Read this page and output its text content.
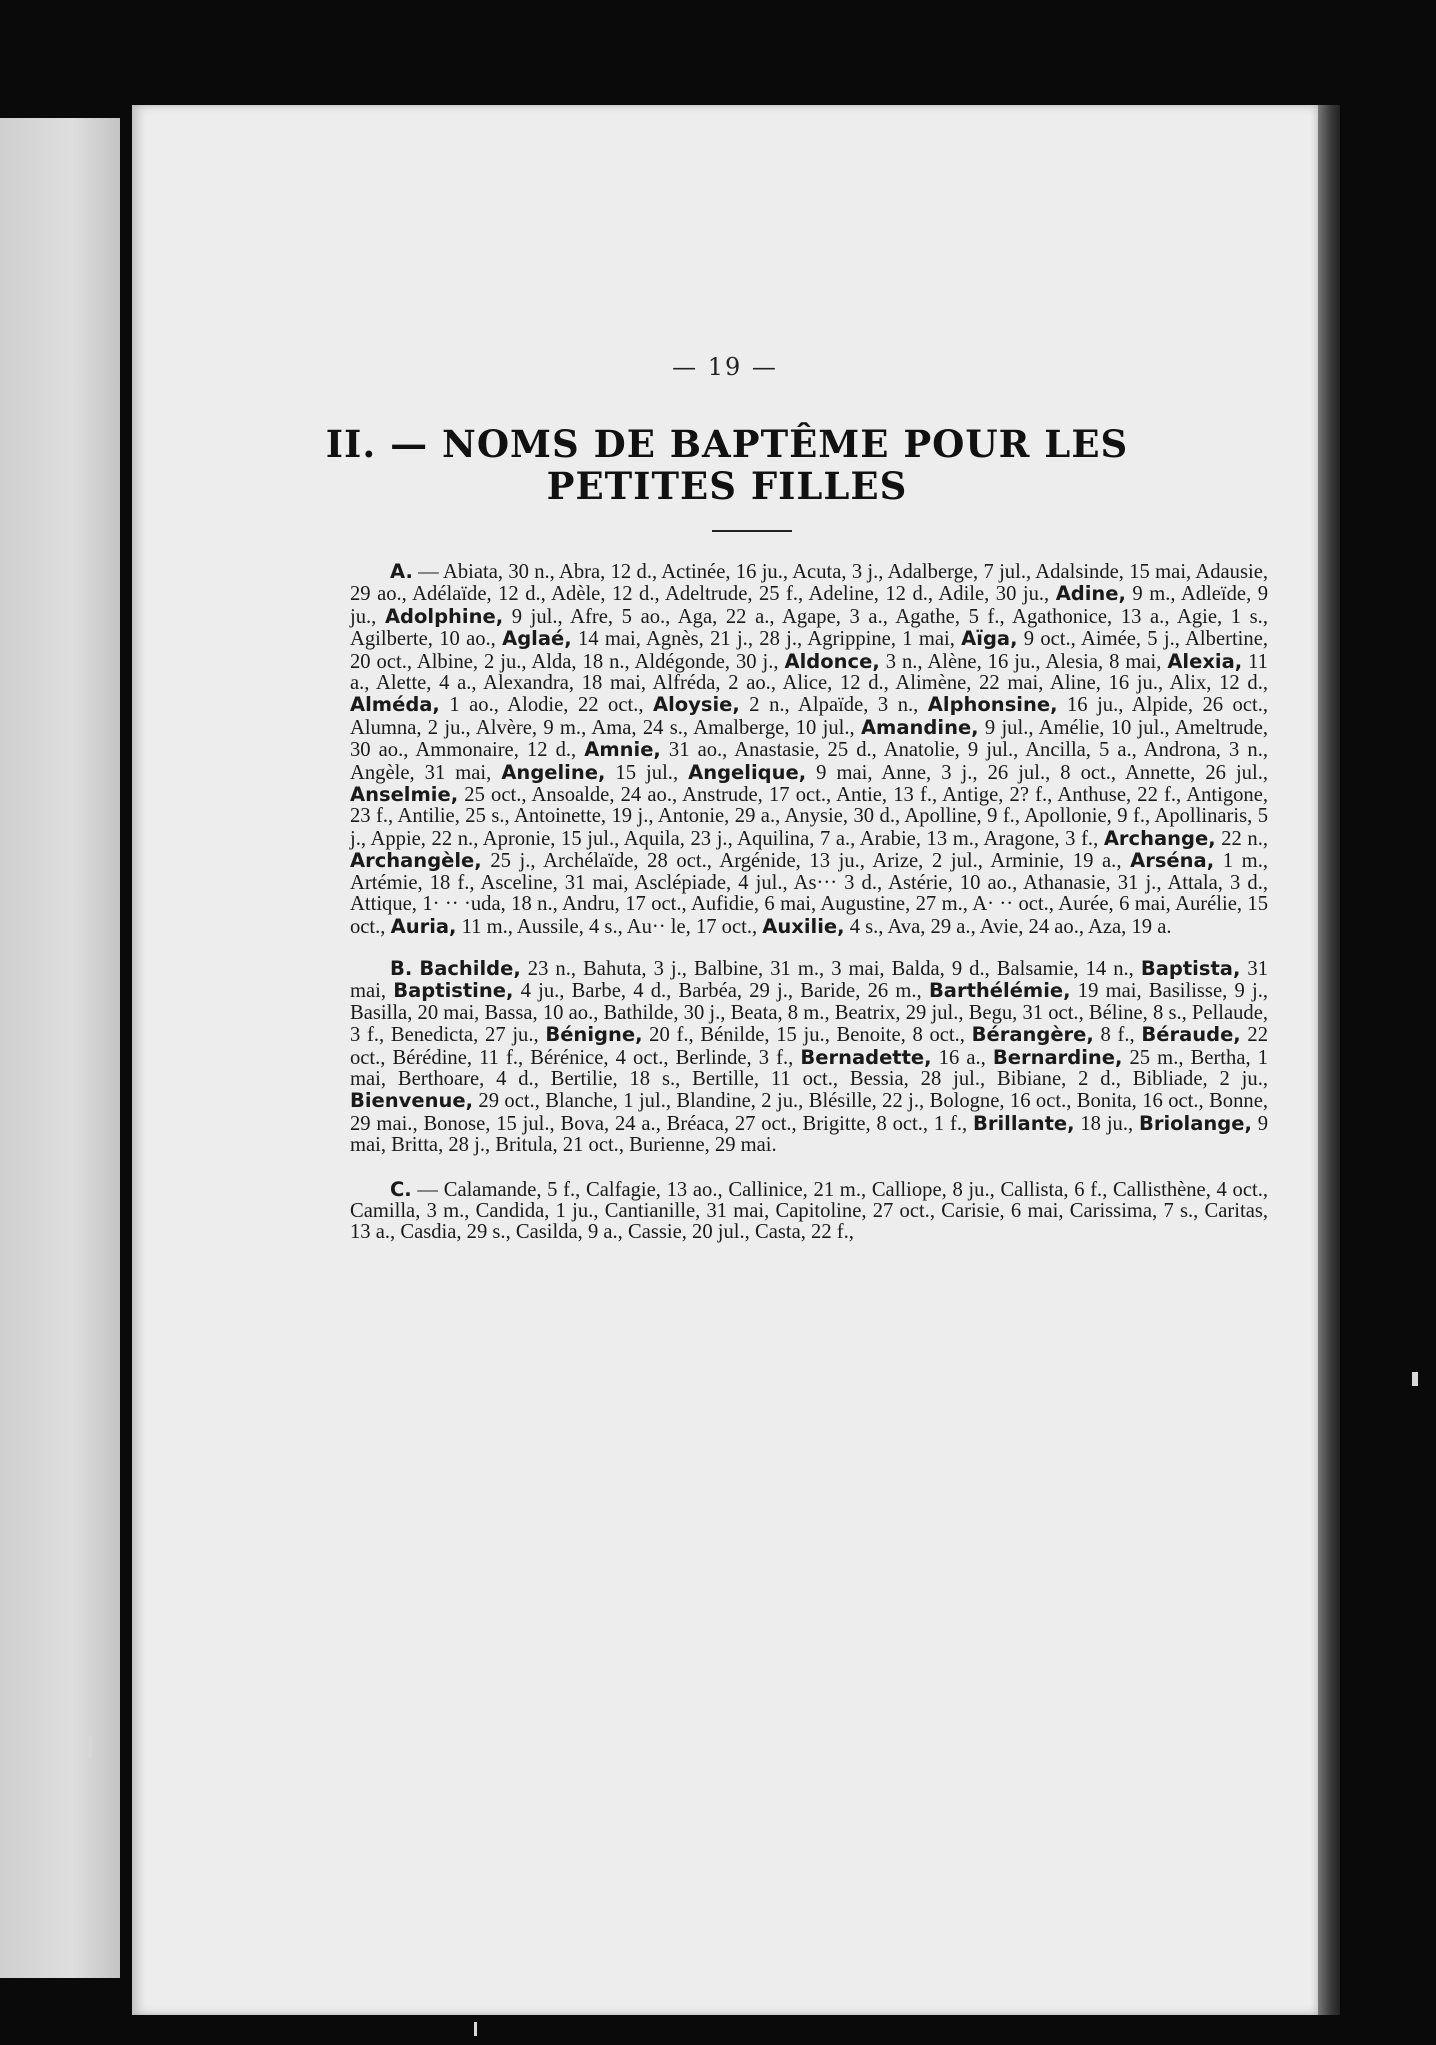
— 19 —
II. — NOMS DE BAPTÊME POUR LES
PETITES FILLES

A. — Abiata, 30 n., Abra, 12 d., Actinée, 16 ju., Acuta, 3 j., Adalberge, 7 jul., Adalsinde, 15 mai, Adausie, 29 ao., Adélaïde, 12 d., Adèle, 12 d., Adeltrude, 25 f., Adeline, 12 d., Adile, 30 ju., Adine, 9 m., Adleïde, 9 ju., Adolphine, 9 jul., Afre, 5 ao., Aga, 22 a., Agape, 3 a., Agathe, 5 f., Agathonice, 13 a., Agie, 1 s., Agilberte, 10 ao., Aglaé, 14 mai, Agnès, 21 j., 28 j., Agrippine, 1 mai, Aïga, 9 oct., Aimée, 5 j., Albertine, 20 oct., Albine, 2 ju., Alda, 18 n., Aldégonde, 30 j., Aldonce, 3 n., Alène, 16 ju., Alesia, 8 mai, Alexia, 11 a., Alette, 4 a., Alexandra, 18 mai, Alfréda, 2 ao., Alice, 12 d., Alimène, 22 mai, Aline, 16 ju., Alix, 12 d., Alméda, 1 ao., Alodie, 22 oct., Aloysie, 2 n., Alpaïde, 3 n., Alphonsine, 16 ju., Alpide, 26 oct., Alumna, 2 ju., Alvère, 9 m., Ama, 24 s., Amalberge, 10 jul., Amandine, 9 jul., Amélie, 10 jul., Ameltrude, 30 ao., Ammonaire, 12 d., Amnie, 31 ao., Anastasie, 25 d., Anatolie, 9 jul., Ancilla, 5 a., Androna, 3 n., Angèle, 31 mai, Angeline, 15 jul., Angelique, 9 mai, Anne, 3 j., 26 jul., 8 oct., Annette, 26 jul., Anselmie, 25 oct., Ansoalde, 24 ao., Anstrude, 17 oct., Antie, 13 f., Antige, 2? f., Anthuse, 22 f., Antigone, 23 f., Antilie, 25 s., Antoinette, 19 j., Antonie, 29 a., Anysie, 30 d., Apolline, 9 f., Apollonie, 9 f., Apollinaris, 5 j., Appie, 22 n., Apronie, 15 jul., Aquila, 23 j., Aquilina, 7 a., Arabie, 13 m., Aragone, 3 f., Archange, 22 n., Archangèle, 25 j., Archélaïde, 28 oct., Argénide, 13 ju., Arize, 2 jul., Arminie, 19 a., Arséna, 1 m., Artémie, 18 f., Asceline, 31 mai, Asclépiade, 4 jul., As··· 3 d., Astérie, 10 ao., Athanasie, 31 j., Attala, 3 d., Attique, 1· ·· ·uda, 18 n., Andru, 17 oct., Aufidie, 6 mai, Augustine, 27 m., A· ·· oct., Aurée, 6 mai, Aurélie, 15 oct., Auria, 11 m., Aussile, 4 s., Au·· le, 17 oct., Auxilie, 4 s., Ava, 29 a., Avie, 24 ao., Aza, 19 a.

B. Bachilde, 23 n., Bahuta, 3 j., Balbine, 31 m., 3 mai, Balda, 9 d., Balsamie, 14 n., Baptista, 31 mai, Baptistine, 4 ju., Barbe, 4 d., Barbéa, 29 j., Baride, 26 m., Barthélémie, 19 mai, Basilisse, 9 j., Basilla, 20 mai, Bassa, 10 ao., Bathilde, 30 j., Beata, 8 m., Beatrix, 29 jul., Begu, 31 oct., Béline, 8 s., Pellaude, 3 f., Benedicta, 27 ju., Bénigne, 20 f., Bénilde, 15 ju., Benoite, 8 oct., Bérangère, 8 f., Béraude, 22 oct., Bérédine, 11 f., Bérénice, 4 oct., Berlinde, 3 f., Bernadette, 16 a., Bernardine, 25 m., Bertha, 1 mai, Berthoare, 4 d., Bertilie, 18 s., Bertille, 11 oct., Bessia, 28 jul., Bibiane, 2 d., Bibliade, 2 ju., Bienvenue, 29 oct., Blanche, 1 jul., Blandine, 2 ju., Blésille, 22 j., Bologne, 16 oct., Bonita, 16 oct., Bonne, 29 mai., Bonose, 15 jul., Bova, 24 a., Bréaca, 27 oct., Brigitte, 8 oct., 1 f., Brillante, 18 ju., Briolange, 9 mai, Britta, 28 j., Britula, 21 oct., Burienne, 29 mai.

C. — Calamande, 5 f., Calfagie, 13 ao., Callinice, 21 m., Calliope, 8 ju., Callista, 6 f., Callisthène, 4 oct., Camilla, 3 m., Candida, 1 ju., Cantianille, 31 mai, Capitoline, 27 oct., Carisie, 6 mai, Carissima, 7 s., Caritas, 13 a., Casdia, 29 s., Casilda, 9 a., Cassie, 20 jul., Casta, 22 f.,
